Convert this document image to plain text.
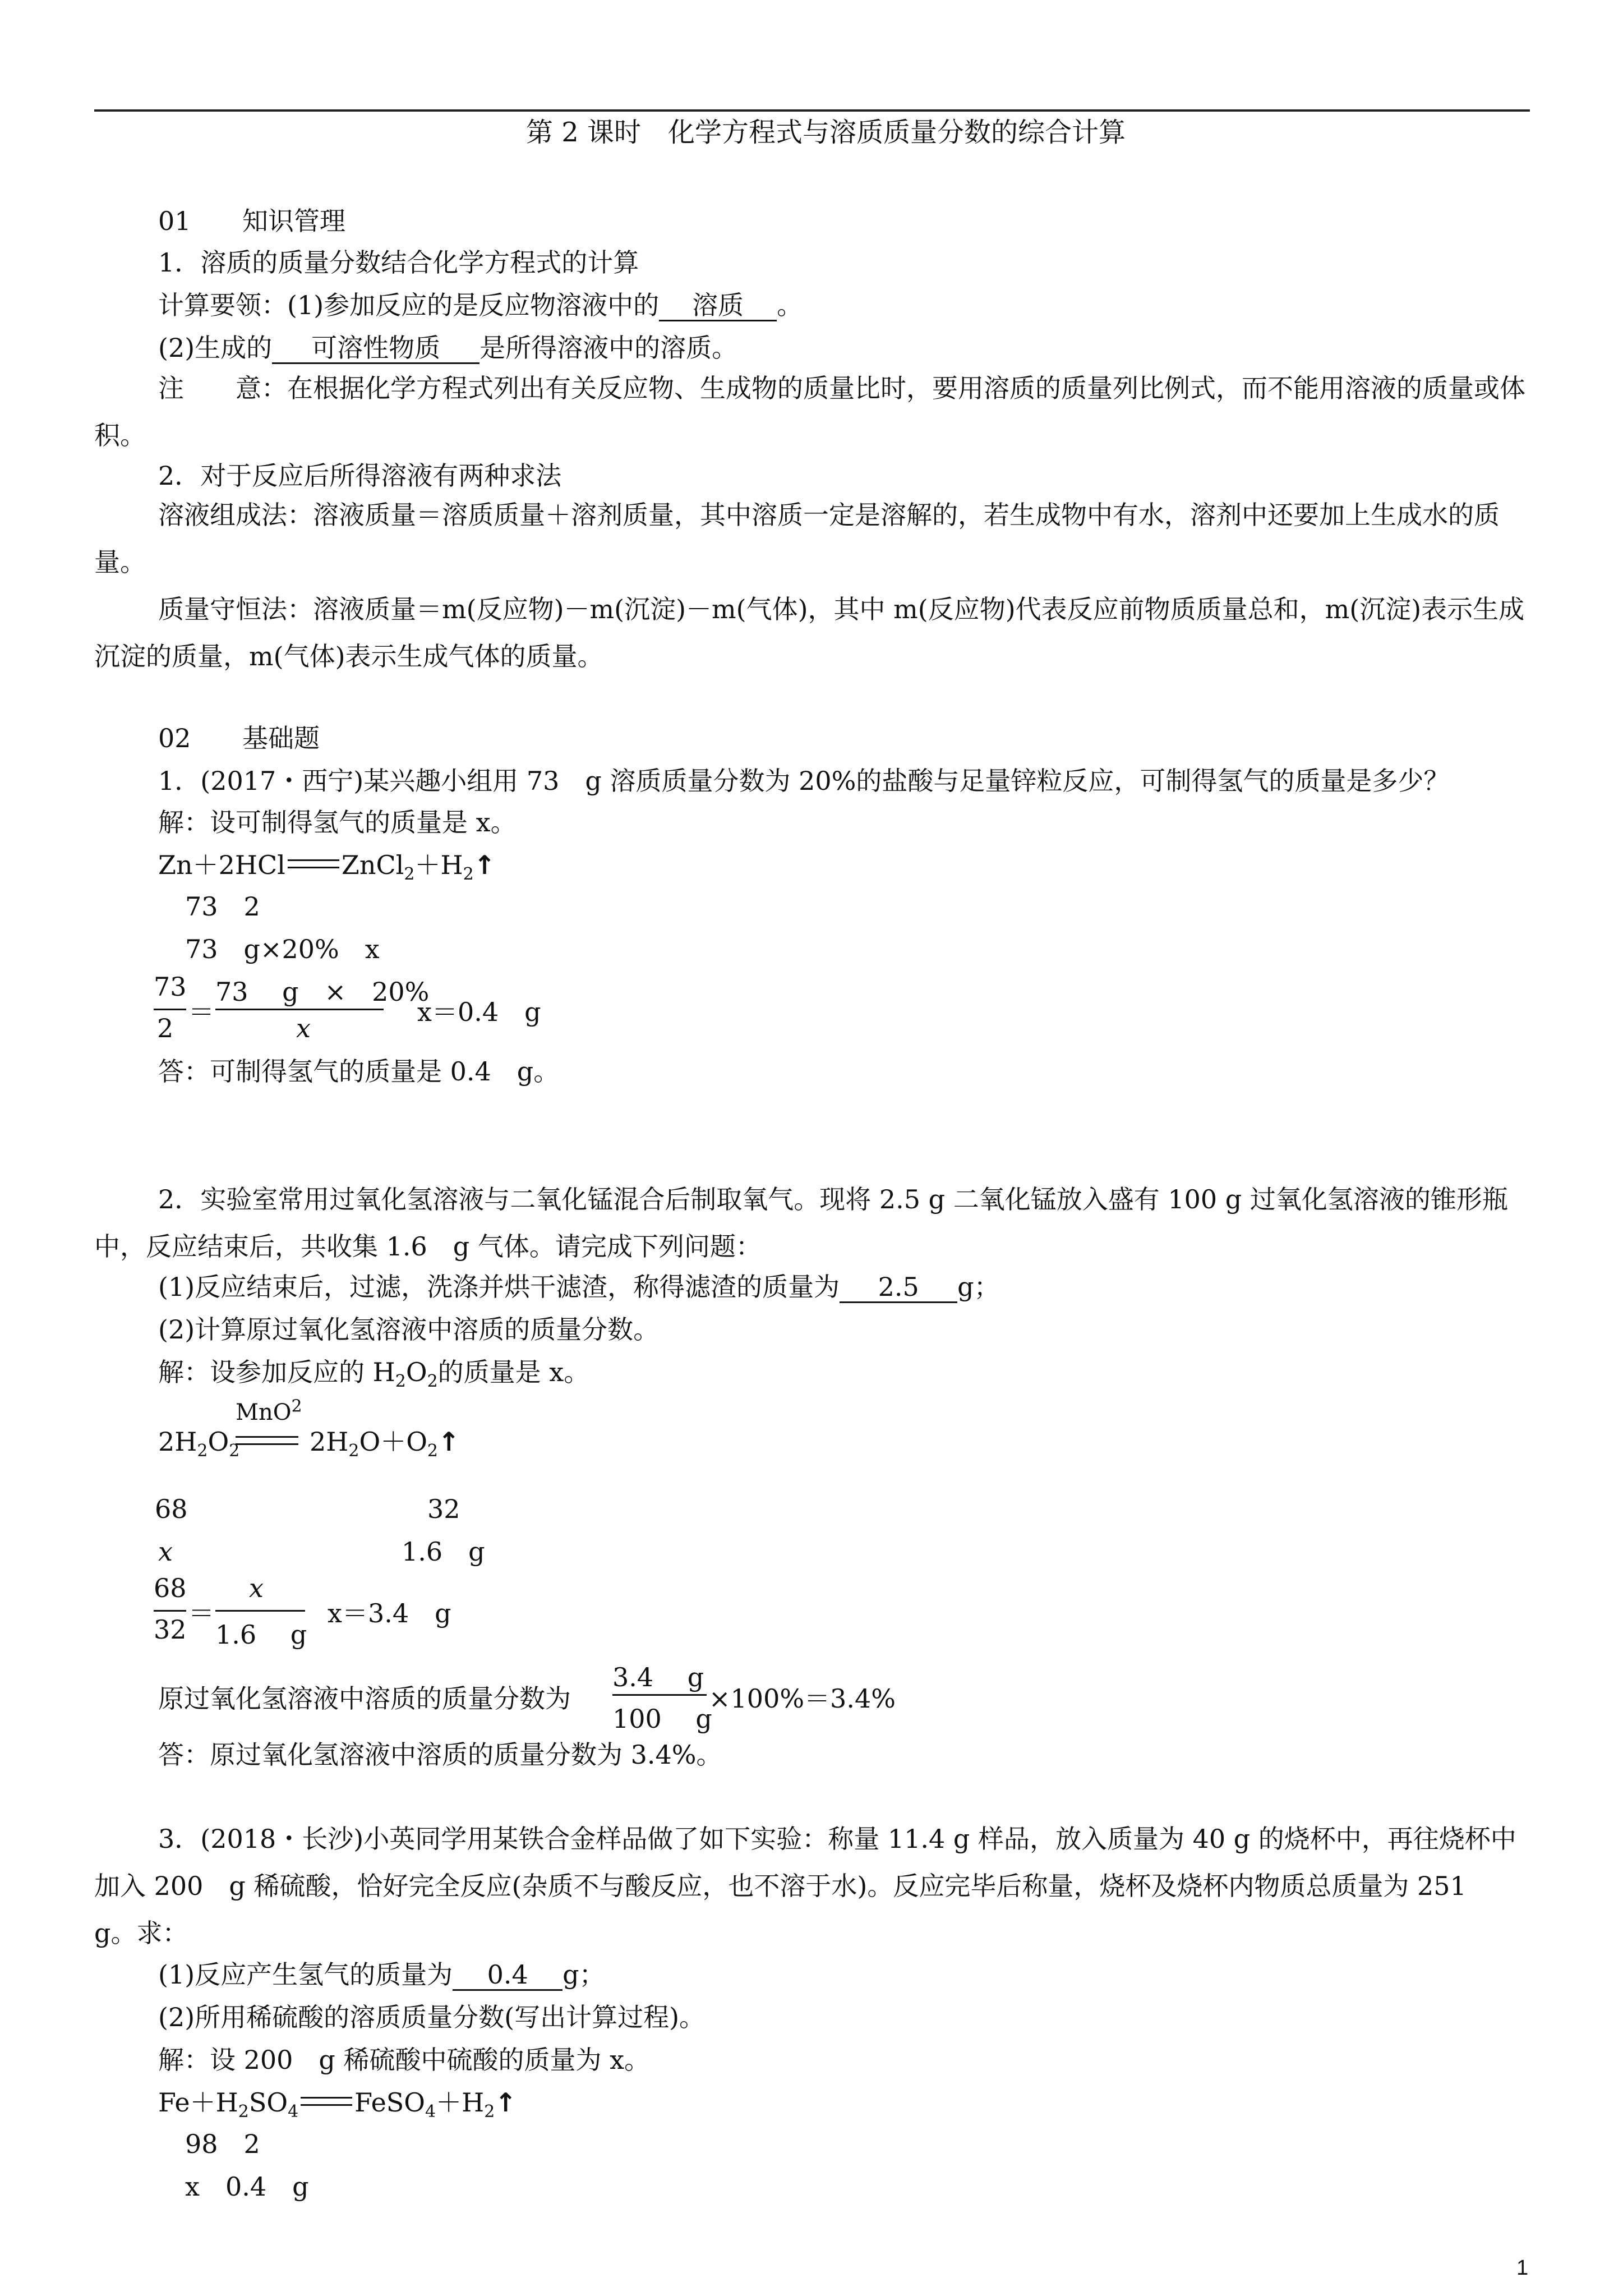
第 2 课时　化学方程式与溶质质量分数的综合计算
01 知识管理
1．溶质的质量分数结合化学方程式的计算
计算要领：(1)参加反应的是反应物溶液中的 溶质 。
(2)生成的 可溶性物质 是所得溶液中的溶质。
注　　意：在根据化学方程式列出有关反应物、生成物的质量比时，要用溶质的质量列比例式，而不能用溶液的质量或体积。
2．对于反应后所得溶液有两种求法
溶液组成法：溶液质量＝溶质质量＋溶剂质量，其中溶质一定是溶解的，若生成物中有水，溶剂中还要加上生成水的质量。
质量守恒法：溶液质量＝m(反应物)－m(沉淀)－m(气体)，其中 m(反应物)代表反应前物质质量总和，m(沉淀)表示生成沉淀的质量，m(气体)表示生成气体的质量。
02 基础题
1．(2017・西宁)某兴趣小组用 73　g 溶质质量分数为 20%的盐酸与足量锌粒反应，可制得氢气的质量是多少？
解：设可制得氢气的质量是 x。
Zn＋2HCl $ZnCl_2+H_2↑$
73　2
73　g×20%　x
73
2
＝
73　 g　×　20%
x
x＝0.4　g
答：可制得氢气的质量是 0.4　g。
2．实验室常用过氧化氢溶液与二氧化锰混合后制取氧气。现将 2.5 g 二氧化锰放入盛有 100 g 过氧化氢溶液的锥形瓶中，反应结束后，共收集 1.6　g 气体。请完成下列问题：
(1)反应结束后，过滤，洗涤并烘干滤渣，称得滤渣的质量为 2.5 g；
(2)计算原过氧化氢溶液中溶质的质量分数。
解：设参加反应的 $H_2O_2$的质量是 x。
$2H_2O_2$
MnO$^2$
$2H_2O+O_2↑$
68	32
x	1.6　g
68
32
＝
x
1.6　 g
x＝3.4　g
原过氧化氢溶液中溶质的质量分数为
3.4　 g
100　 g
×100%＝3.4%
答：原过氧化氢溶液中溶质的质量分数为 3.4%。
3．(2018・长沙)小英同学用某铁合金样品做了如下实验：称量 11.4 g 样品，放入质量为 40 g 的烧杯中，再往烧杯中加入 200　g 稀硫酸，恰好完全反应(杂质不与酸反应，也不溶于水)。反应完毕后称量，烧杯及烧杯内物质总质量为 251　g。求：
(1)反应产生氢气的质量为 0.4 g；
(2)所用稀硫酸的溶质质量分数(写出计算过程)。
解：设 200　g 稀硫酸中硫酸的质量为 x。
$Fe+H_2SO_4$ $FeSO_4+H_2↑$
98　2
x　0.4　g
1
